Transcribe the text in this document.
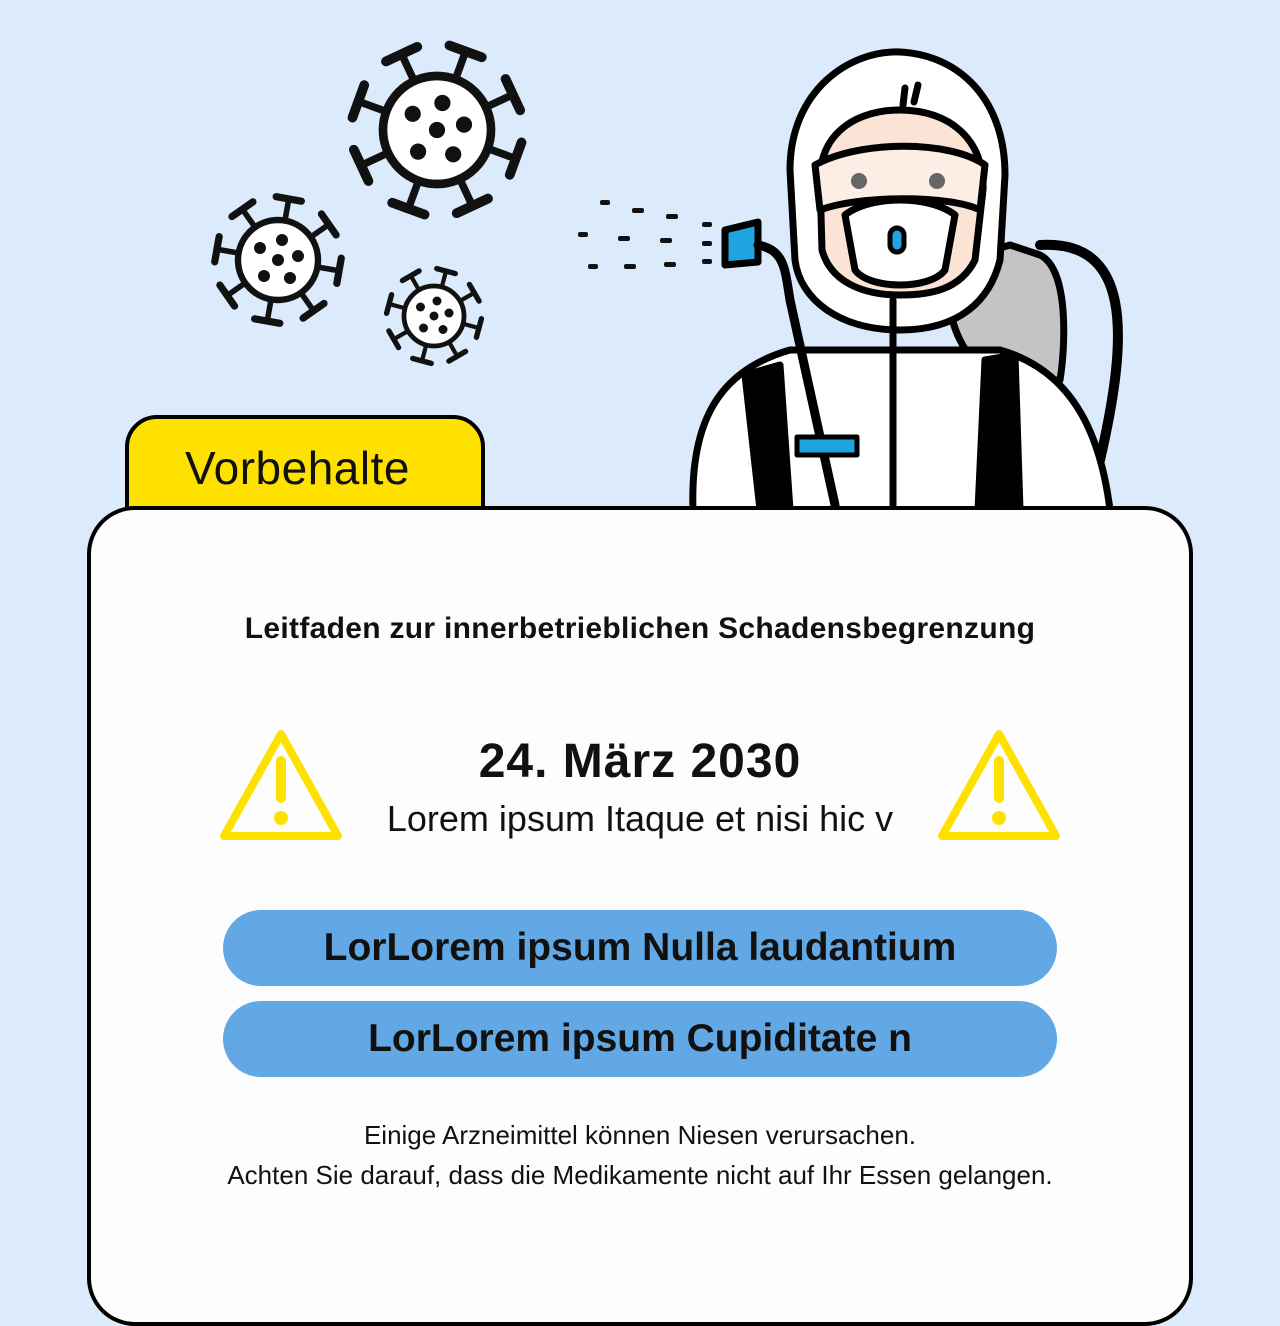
Vorbehalte
Leitfaden zur innerbetrieblichen Schadensbegrenzung
24. März 2030
Lorem ipsum Itaque et nisi hic v
LorLorem ipsum Nulla laudantium
LorLorem ipsum Cupiditate n
Einige Arzneimittel können Niesen verursachen.
Achten Sie darauf, dass die Medikamente nicht auf Ihr Essen gelangen.
